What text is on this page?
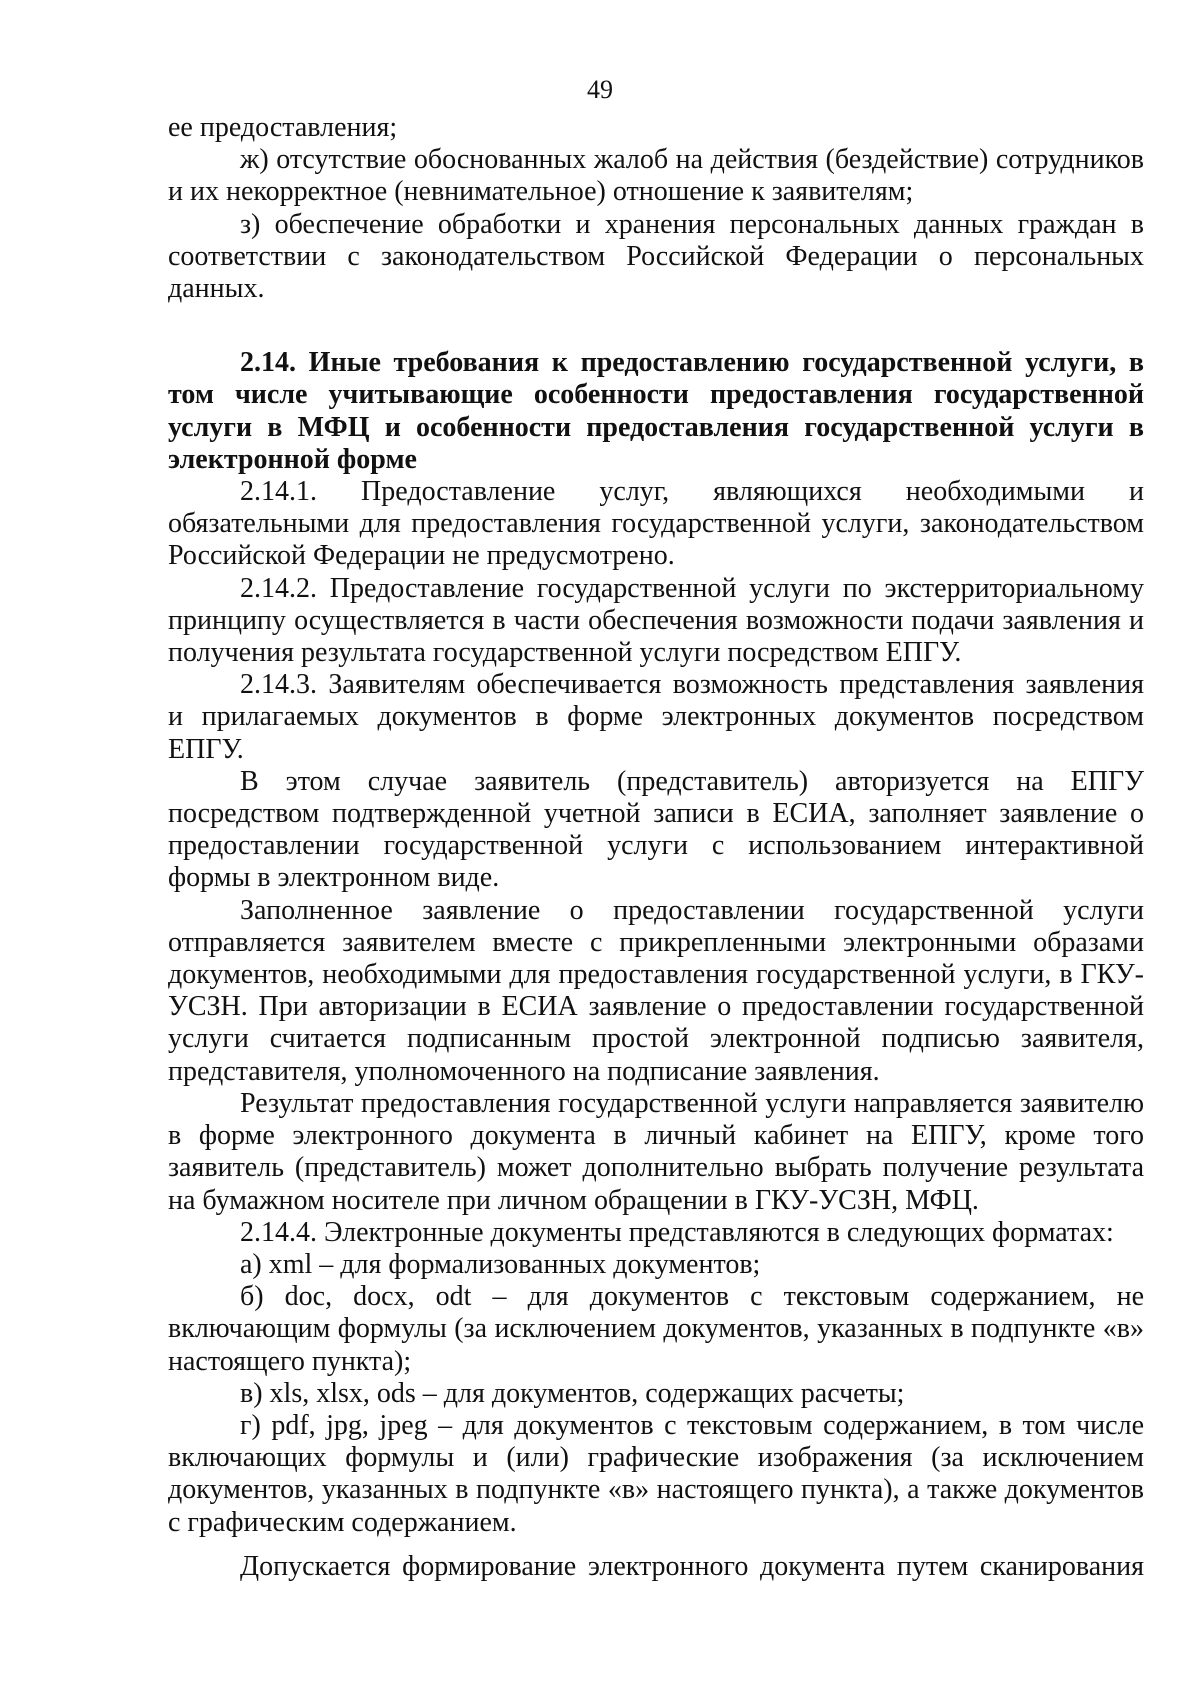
49

ее предоставления;

ж) отсутствие обоснованных жалоб на действия (бездействие) сотрудников и их некорректное (невнимательное) отношение к заявителям;

з) обеспечение обработки и хранения персональных данных граждан в соответствии с законодательством Российской Федерации о персональных данных.

2.14. Иные требования к предоставлению государственной услуги, в том числе учитывающие особенности предоставления государственной услуги в МФЦ и особенности предоставления государственной услуги в электронной форме

2.14.1. Предоставление услуг, являющихся необходимыми и обязательными для предоставления государственной услуги, законодательством Российской Федерации не предусмотрено.

2.14.2. Предоставление государственной услуги по экстерриториальному принципу осуществляется в части обеспечения возможности подачи заявления и получения результата государственной услуги посредством ЕПГУ.

2.14.3. Заявителям обеспечивается возможность представления заявления и прилагаемых документов в форме электронных документов посредством ЕПГУ.

В этом случае заявитель (представитель) авторизуется на ЕПГУ посредством подтвержденной учетной записи в ЕСИА, заполняет заявление о предоставлении государственной услуги с использованием интерактивной формы в электронном виде.

Заполненное заявление о предоставлении государственной услуги отправляется заявителем вместе с прикрепленными электронными образами документов, необходимыми для предоставления государственной услуги, в ГКУ-УСЗН. При авторизации в ЕСИА заявление о предоставлении государственной услуги считается подписанным простой электронной подписью заявителя, представителя, уполномоченного на подписание заявления.

Результат предоставления государственной услуги направляется заявителю в форме электронного документа в личный кабинет на ЕПГУ, кроме того заявитель (представитель) может дополнительно выбрать получение результата на бумажном носителе при личном обращении в ГКУ-УСЗН, МФЦ.

2.14.4. Электронные документы представляются в следующих форматах:

а) xml – для формализованных документов;

б) doc, docx, odt – для документов с текстовым содержанием, не включающим формулы (за исключением документов, указанных в подпункте «в» настоящего пункта);

в) xls, xlsx, ods – для документов, содержащих расчеты;

г) pdf, jpg, jpeg – для документов с текстовым содержанием, в том числе включающих формулы и (или) графические изображения (за исключением документов, указанных в подпункте «в» настоящего пункта), а также документов с графическим содержанием.

Допускается формирование электронного документа путем сканирования
